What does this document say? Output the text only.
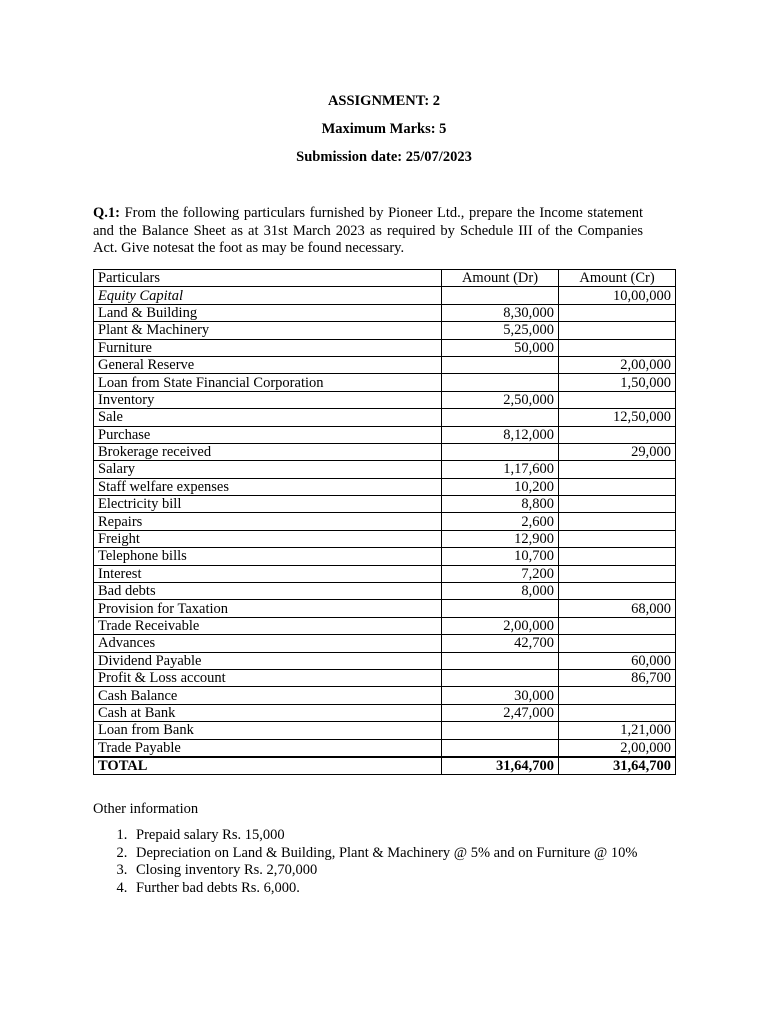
ASSIGNMENT: 2
Maximum Marks: 5
Submission date: 25/07/2023
Q.1: From the following particulars furnished by Pioneer Ltd., prepare the Income statement and the Balance Sheet as at 31st March 2023 as required by Schedule III of the Companies Act. Give notesat the foot as may be found necessary.
Particulars	Amount (Dr)	Amount (Cr)
Equity Capital		10,00,000
Land & Building	8,30,000	
Plant & Machinery	5,25,000	
Furniture	50,000	
General Reserve		2,00,000
Loan from State Financial Corporation		1,50,000
Inventory	2,50,000	
Sale		12,50,000
Purchase	8,12,000	
Brokerage received		29,000
Salary	1,17,600	
Staff welfare expenses	10,200	
Electricity bill	8,800	
Repairs	2,600	
Freight	12,900	
Telephone bills	10,700	
Interest	7,200	
Bad debts	8,000	
Provision for Taxation		68,000
Trade Receivable	2,00,000	
Advances	42,700	
Dividend Payable		60,000
Profit & Loss account		86,700
Cash Balance	30,000	
Cash at Bank	2,47,000	
Loan from Bank		1,21,000
Trade Payable		2,00,000
TOTAL	31,64,700	31,64,700
Other information
1. Prepaid salary Rs. 15,000
2. Depreciation on Land & Building, Plant & Machinery @ 5% and on Furniture @ 10%
3. Closing inventory Rs. 2,70,000
4. Further bad debts Rs. 6,000.
